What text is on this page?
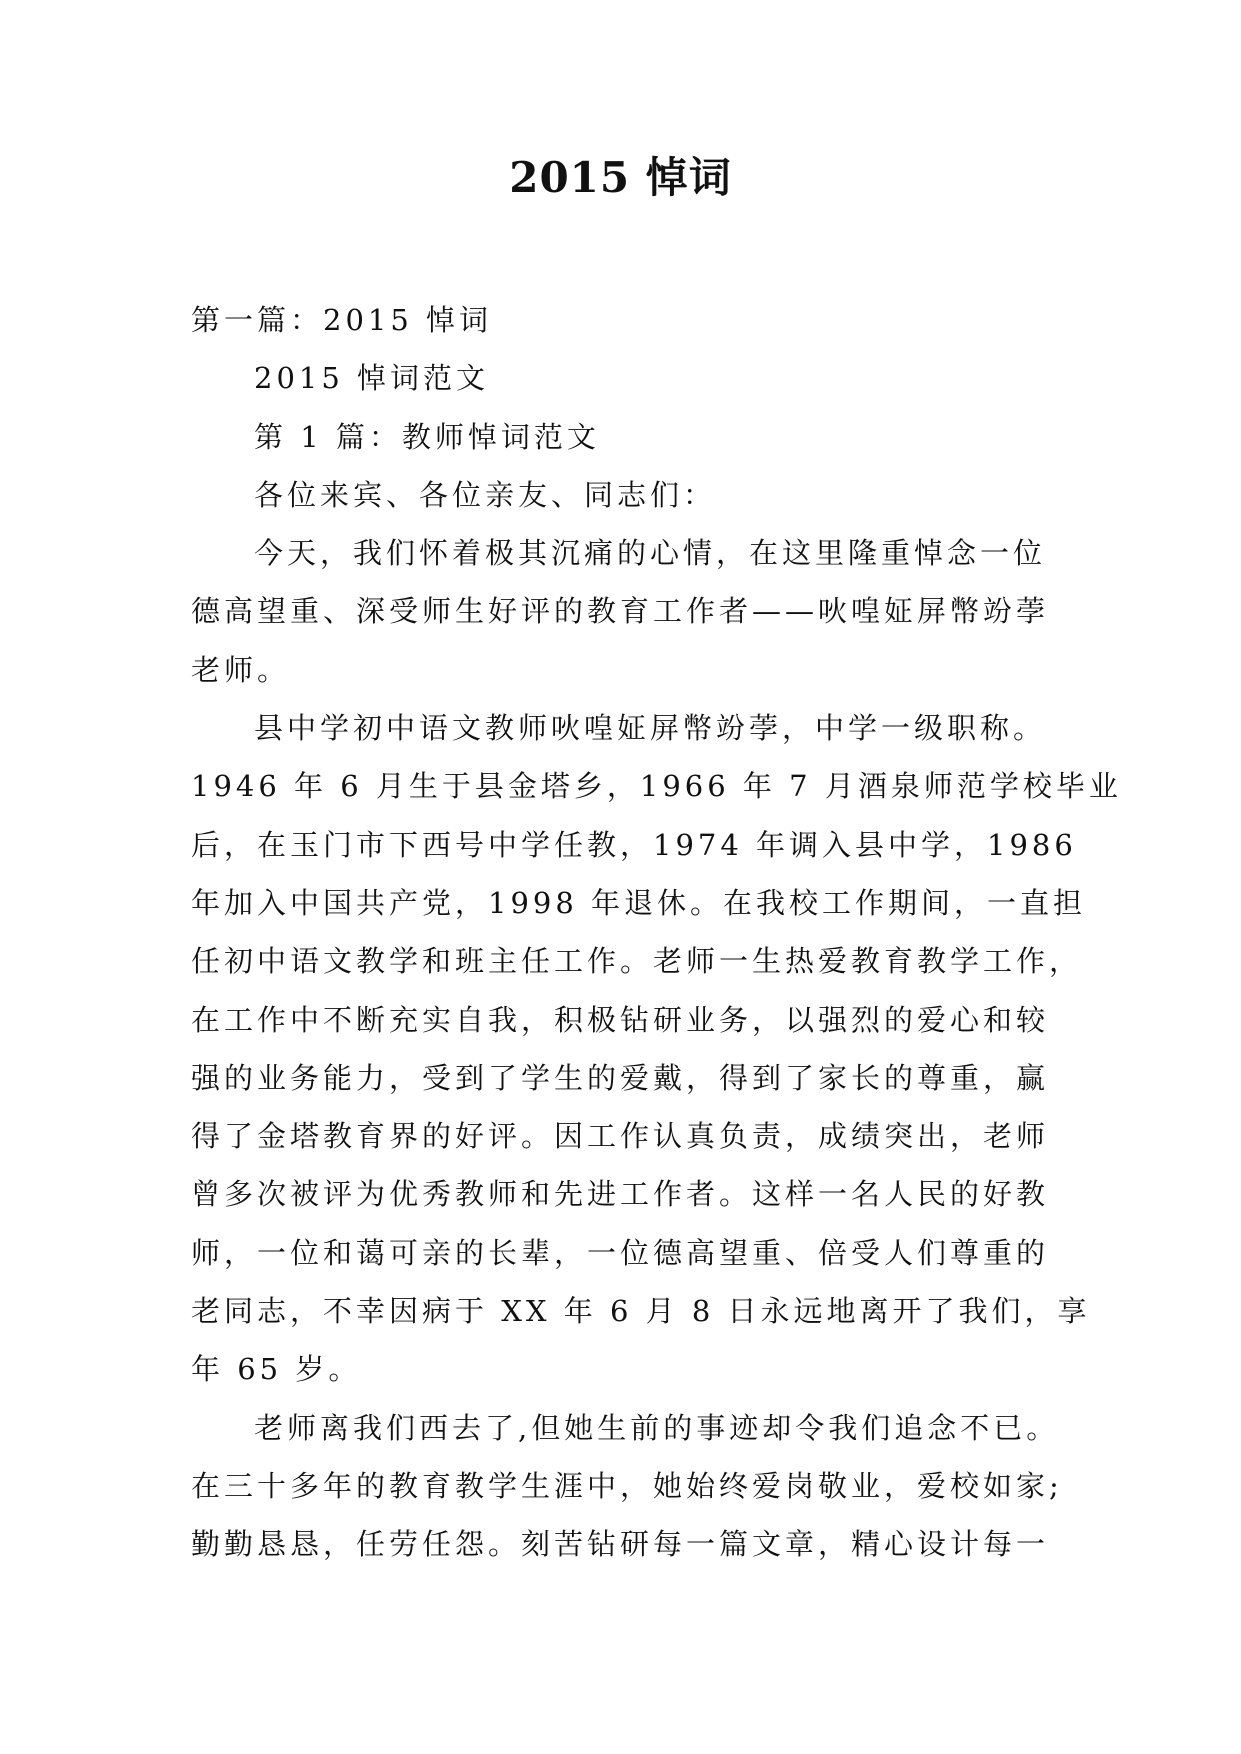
2015 悼词
第一篇：2015 悼词
2015 悼词范文
第 1 篇：教师悼词范文
各位来宾、各位亲友、同志们：
今天，我们怀着极其沉痛的心情，在这里隆重悼念一位
德高望重、深受师生好评的教育工作者——吙喤姃屏幣竕荸
老师。
县中学初中语文教师吙喤姃屏幣竕荸，中学一级职称。
1946 年 6 月生于县金塔乡，1966 年 7 月酒泉师范学校毕业
后，在玉门市下西号中学任教，1974 年调入县中学，1986
年加入中国共产党，1998 年退休。在我校工作期间，一直担
任初中语文教学和班主任工作。老师一生热爱教育教学工作，
在工作中不断充实自我，积极钻研业务，以强烈的爱心和较
强的业务能力，受到了学生的爱戴，得到了家长的尊重，赢
得了金塔教育界的好评。因工作认真负责，成绩突出，老师
曾多次被评为优秀教师和先进工作者。这样一名人民的好教
师，一位和蔼可亲的长辈，一位德高望重、倍受人们尊重的
老同志，不幸因病于 XX 年 6 月 8 日永远地离开了我们，享
年 65 岁。
老师离我们西去了,但她生前的事迹却令我们追念不已。
在三十多年的教育教学生涯中，她始终爱岗敬业，爱校如家;
勤勤恳恳，任劳任怨。刻苦钻研每一篇文章，精心设计每一
